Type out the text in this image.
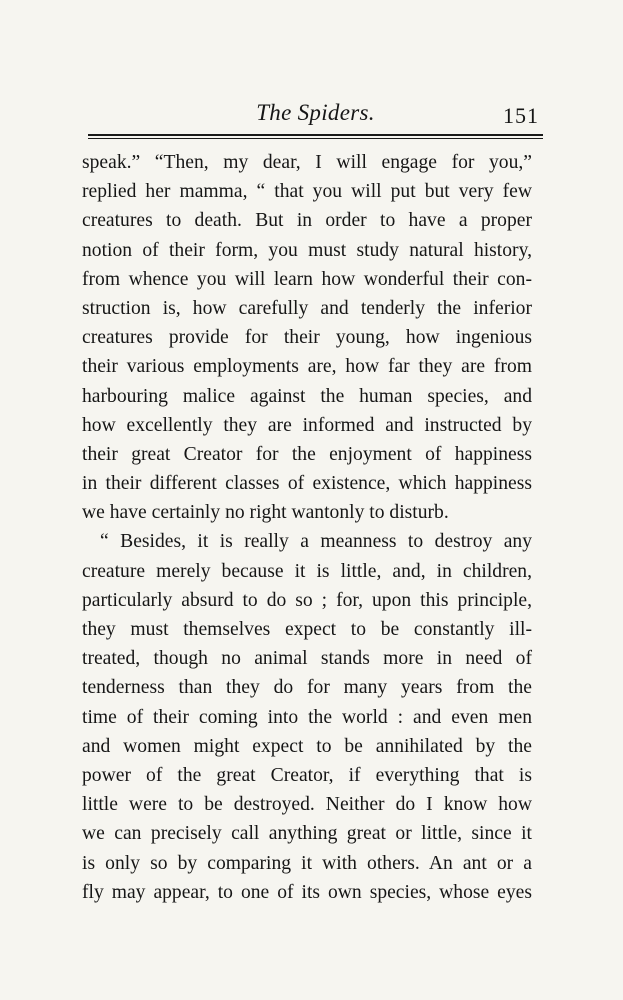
The Spiders.	151
speak.” “Then, my dear, I will engage for you,”
replied her mamma, “ that you will put but very few
creatures to death. But in order to have a proper
notion of their form, you must study natural history,
from whence you will learn how wonderful their con-
struction is, how carefully and tenderly the inferior
creatures provide for their young, how ingenious
their various employments are, how far they are from
harbouring malice against the human species, and
how excellently they are informed and instructed by
their great Creator for the enjoyment of happiness
in their different classes of existence, which happiness
we have certainly no right wantonly to disturb.
“ Besides, it is really a meanness to destroy any
creature merely because it is little, and, in children,
particularly absurd to do so ; for, upon this principle,
they must themselves expect to be constantly ill-
treated, though no animal stands more in need of
tenderness than they do for many years from the
time of their coming into the world : and even men
and women might expect to be annihilated by the
power of the great Creator, if everything that is
little were to be destroyed. Neither do I know how
we can precisely call anything great or little, since it
is only so by comparing it with others. An ant or a
fly may appear, to one of its own species, whose eyes
